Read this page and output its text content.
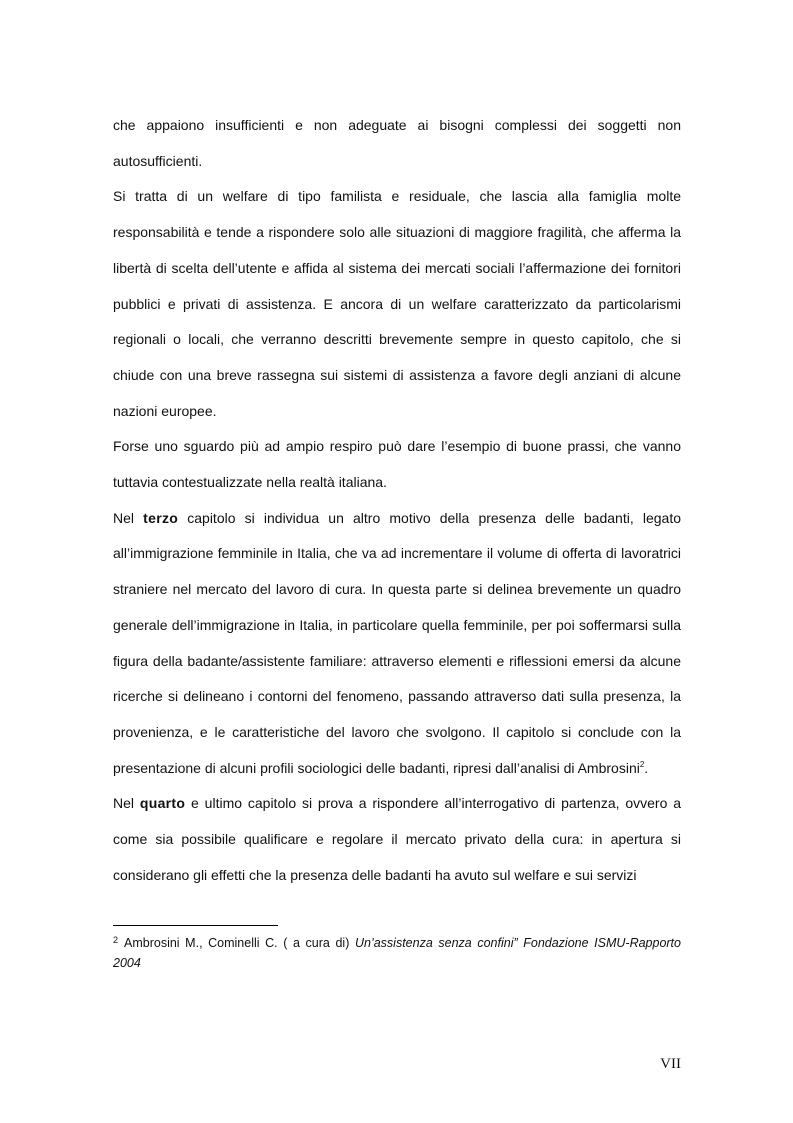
che appaiono insufficienti e non adeguate ai bisogni complessi dei soggetti non autosufficienti.

Si tratta di un welfare di tipo familista e residuale, che lascia alla famiglia molte responsabilità e tende a rispondere solo alle situazioni di maggiore fragilità, che afferma la libertà di scelta dell’utente e affida al sistema dei mercati sociali l’affermazione dei fornitori pubblici e privati di assistenza. E ancora di un welfare caratterizzato da particolarismi regionali o locali, che verranno descritti brevemente sempre in questo capitolo, che si chiude con una breve rassegna sui sistemi di assistenza a favore degli anziani di alcune nazioni europee.

Forse uno sguardo più ad ampio respiro può dare l’esempio di buone prassi, che vanno tuttavia contestualizzate nella realtà italiana.

Nel terzo capitolo si individua un altro motivo della presenza delle badanti, legato all’immigrazione femminile in Italia, che va ad incrementare il volume di offerta di lavoratrici straniere nel mercato del lavoro di cura. In questa parte si delinea brevemente un quadro generale dell’immigrazione in Italia, in particolare quella femminile, per poi soffermarsi sulla figura della badante/assistente familiare: attraverso elementi e riflessioni emersi da alcune ricerche si delineano i contorni del fenomeno, passando attraverso dati sulla presenza, la provenienza, e le caratteristiche del lavoro che svolgono. Il capitolo si conclude con la presentazione di alcuni profili sociologici delle badanti, ripresi dall’analisi di Ambrosini$^2$.

Nel quarto e ultimo capitolo si prova a rispondere all’interrogativo di partenza, ovvero a come sia possibile qualificare e regolare il mercato privato della cura: in apertura si considerano gli effetti che la presenza delle badanti ha avuto sul welfare e sui servizi

$^2$ Ambrosini M., Cominelli C. ( a cura di) Un’assistenza senza confini” Fondazione ISMU-Rapporto 2004

VII
